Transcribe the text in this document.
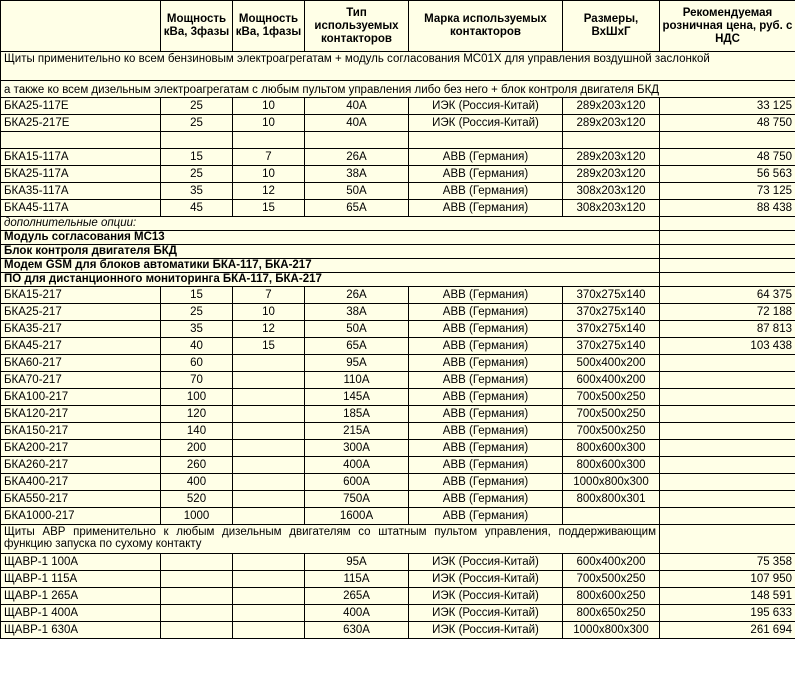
	Мощность кВа, 3фазы	Мощность кВа, 1фазы	Тип используемых контакторов	Марка используемых контакторов	Размеры, ВхШхГ	Рекомендуемая розничная цена, руб. с НДС
Щиты применительно ко всем бензиновым электроагрегатам + модуль согласования МС01Х для управления воздушной заслонкой						
а также ко всем дизельным электроагрегатам с любым пультом управления либо без него + блок контроля двигателя БКД						
БКА25-117Е	25	10	40А	ИЭК (Россия-Китай)	289х203х120	33 125
БКА25-217Е	25	10	40А	ИЭК (Россия-Китай)	289х203х120	48 750

БКА15-117А	15	7	26А	АВВ (Германия)	289х203х120	48 750
БКА25-117А	25	10	38А	АВВ (Германия)	289х203х120	56 563
БКА35-117А	35	12	50А	АВВ (Германия)	308х203х120	73 125
БКА45-117А	45	15	65А	АВВ (Германия)	308х203х120	88 438
дополнительные опции:						
Модуль согласования МС13						
Блок контроля двигателя БКД						
Модем GSM для блоков автоматики БКА-117, БКА-217						
ПО для дистанционного мониторинга БКА-117, БКА-217						
БКА15-217	15	7	26А	АВВ (Германия)	370х275х140	64 375
БКА25-217	25	10	38А	АВВ (Германия)	370х275х140	72 188
БКА35-217	35	12	50А	АВВ (Германия)	370х275х140	87 813
БКА45-217	40	15	65А	АВВ (Германия)	370х275х140	103 438
БКА60-217	60		95А	АВВ (Германия)	500х400х200	
БКА70-217	70		110А	АВВ (Германия)	600х400х200	
БКА100-217	100		145А	АВВ (Германия)	700х500х250	
БКА120-217	120		185А	АВВ (Германия)	700х500х250	
БКА150-217	140		215А	АВВ (Германия)	700х500х250	
БКА200-217	200		300А	АВВ (Германия)	800х600х300	
БКА260-217	260		400А	АВВ (Германия)	800х600х300	
БКА400-217	400		600А	АВВ (Германия)	1000х800х300	
БКА550-217	520		750А	АВВ (Германия)	800х800х301	
БКА1000-217	1000		1600А	АВВ (Германия)		
Щиты АВР применительно к любым дизельным двигателям со штатным пультом управления, поддерживающим функцию запуска по сухому контакту						
ЩАВР-1 100А			95А	ИЭК (Россия-Китай)	600х400х200	75 358
ЩАВР-1 115А			115А	ИЭК (Россия-Китай)	700х500х250	107 950
ЩАВР-1 265А			265А	ИЭК (Россия-Китай)	800х600х250	148 591
ЩАВР-1 400А			400А	ИЭК (Россия-Китай)	800х650х250	195 633
ЩАВР-1 630А			630А	ИЭК (Россия-Китай)	1000х800х300	261 694
